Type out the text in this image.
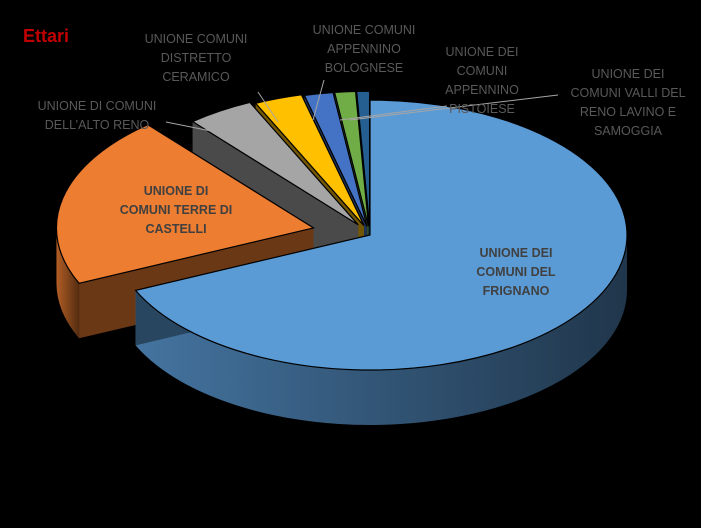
Ettari
UNIONE DEI COMUNI DEL FRIGNANO
UNIONE DI COMUNI TERRE DI CASTELLI
UNIONE DI COMUNI DELL’ALTO RENO
UNIONE COMUNI DISTRETTO CERAMICO
UNIONE COMUNI APPENNINO BOLOGNESE
UNIONE DEI COMUNI APPENNINO PISTOIESE
UNIONE DEI COMUNI VALLI DEL RENO LAVINO E SAMOGGIA
